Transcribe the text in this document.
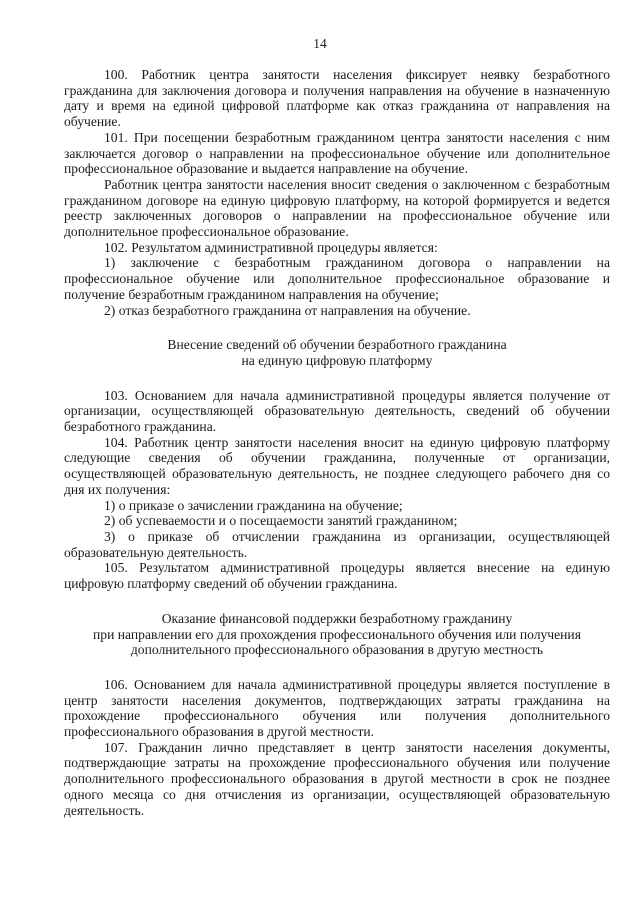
14

100. Работник центра занятости населения фиксирует неявку безработного гражданина для заключения договора и получения направления на обучение в назначенную дату и время на единой цифровой платформе как отказ гражданина от направления на обучение.

101. При посещении безработным гражданином центра занятости населения с ним заключается договор о направлении на профессиональное обучение или дополнительное профессиональное образование и выдается направление на обучение.

Работник центра занятости населения вносит сведения о заключенном с безработным гражданином договоре на единую цифровую платформу, на которой формируется и ведется реестр заключенных договоров о направлении на профессиональное обучение или дополнительное профессиональное образование.

102. Результатом административной процедуры является:

1) заключение с безработным гражданином договора о направлении на профессиональное обучение или дополнительное профессиональное образование и получение безработным гражданином направления на обучение;

2) отказ безработного гражданина от направления на обучение.

Внесение сведений об обучении безработного гражданина
на единую цифровую платформу

103. Основанием для начала административной процедуры является получение от организации, осуществляющей образовательную деятельность, сведений об обучении безработного гражданина.

104. Работник центр занятости населения вносит на единую цифровую платформу следующие сведения об обучении гражданина, полученные от организации, осуществляющей образовательную деятельность, не позднее следующего рабочего дня со дня их получения:

1) о приказе о зачислении гражданина на обучение;

2) об успеваемости и о посещаемости занятий гражданином;

3) о приказе об отчислении гражданина из организации, осуществляющей образовательную деятельность.

105. Результатом административной процедуры является внесение на единую цифровую платформу сведений об обучении гражданина.

Оказание финансовой поддержки безработному гражданину
при направлении его для прохождения профессионального обучения или получения
дополнительного профессионального образования в другую местность

106. Основанием для начала административной процедуры является поступление в центр занятости населения документов, подтверждающих затраты гражданина на прохождение профессионального обучения или получения дополнительного профессионального образования в другой местности.

107. Гражданин лично представляет в центр занятости населения документы, подтверждающие затраты на прохождение профессионального обучения или получение дополнительного профессионального образования в другой местности в срок не позднее одного месяца со дня отчисления из организации, осуществляющей образовательную деятельность.
